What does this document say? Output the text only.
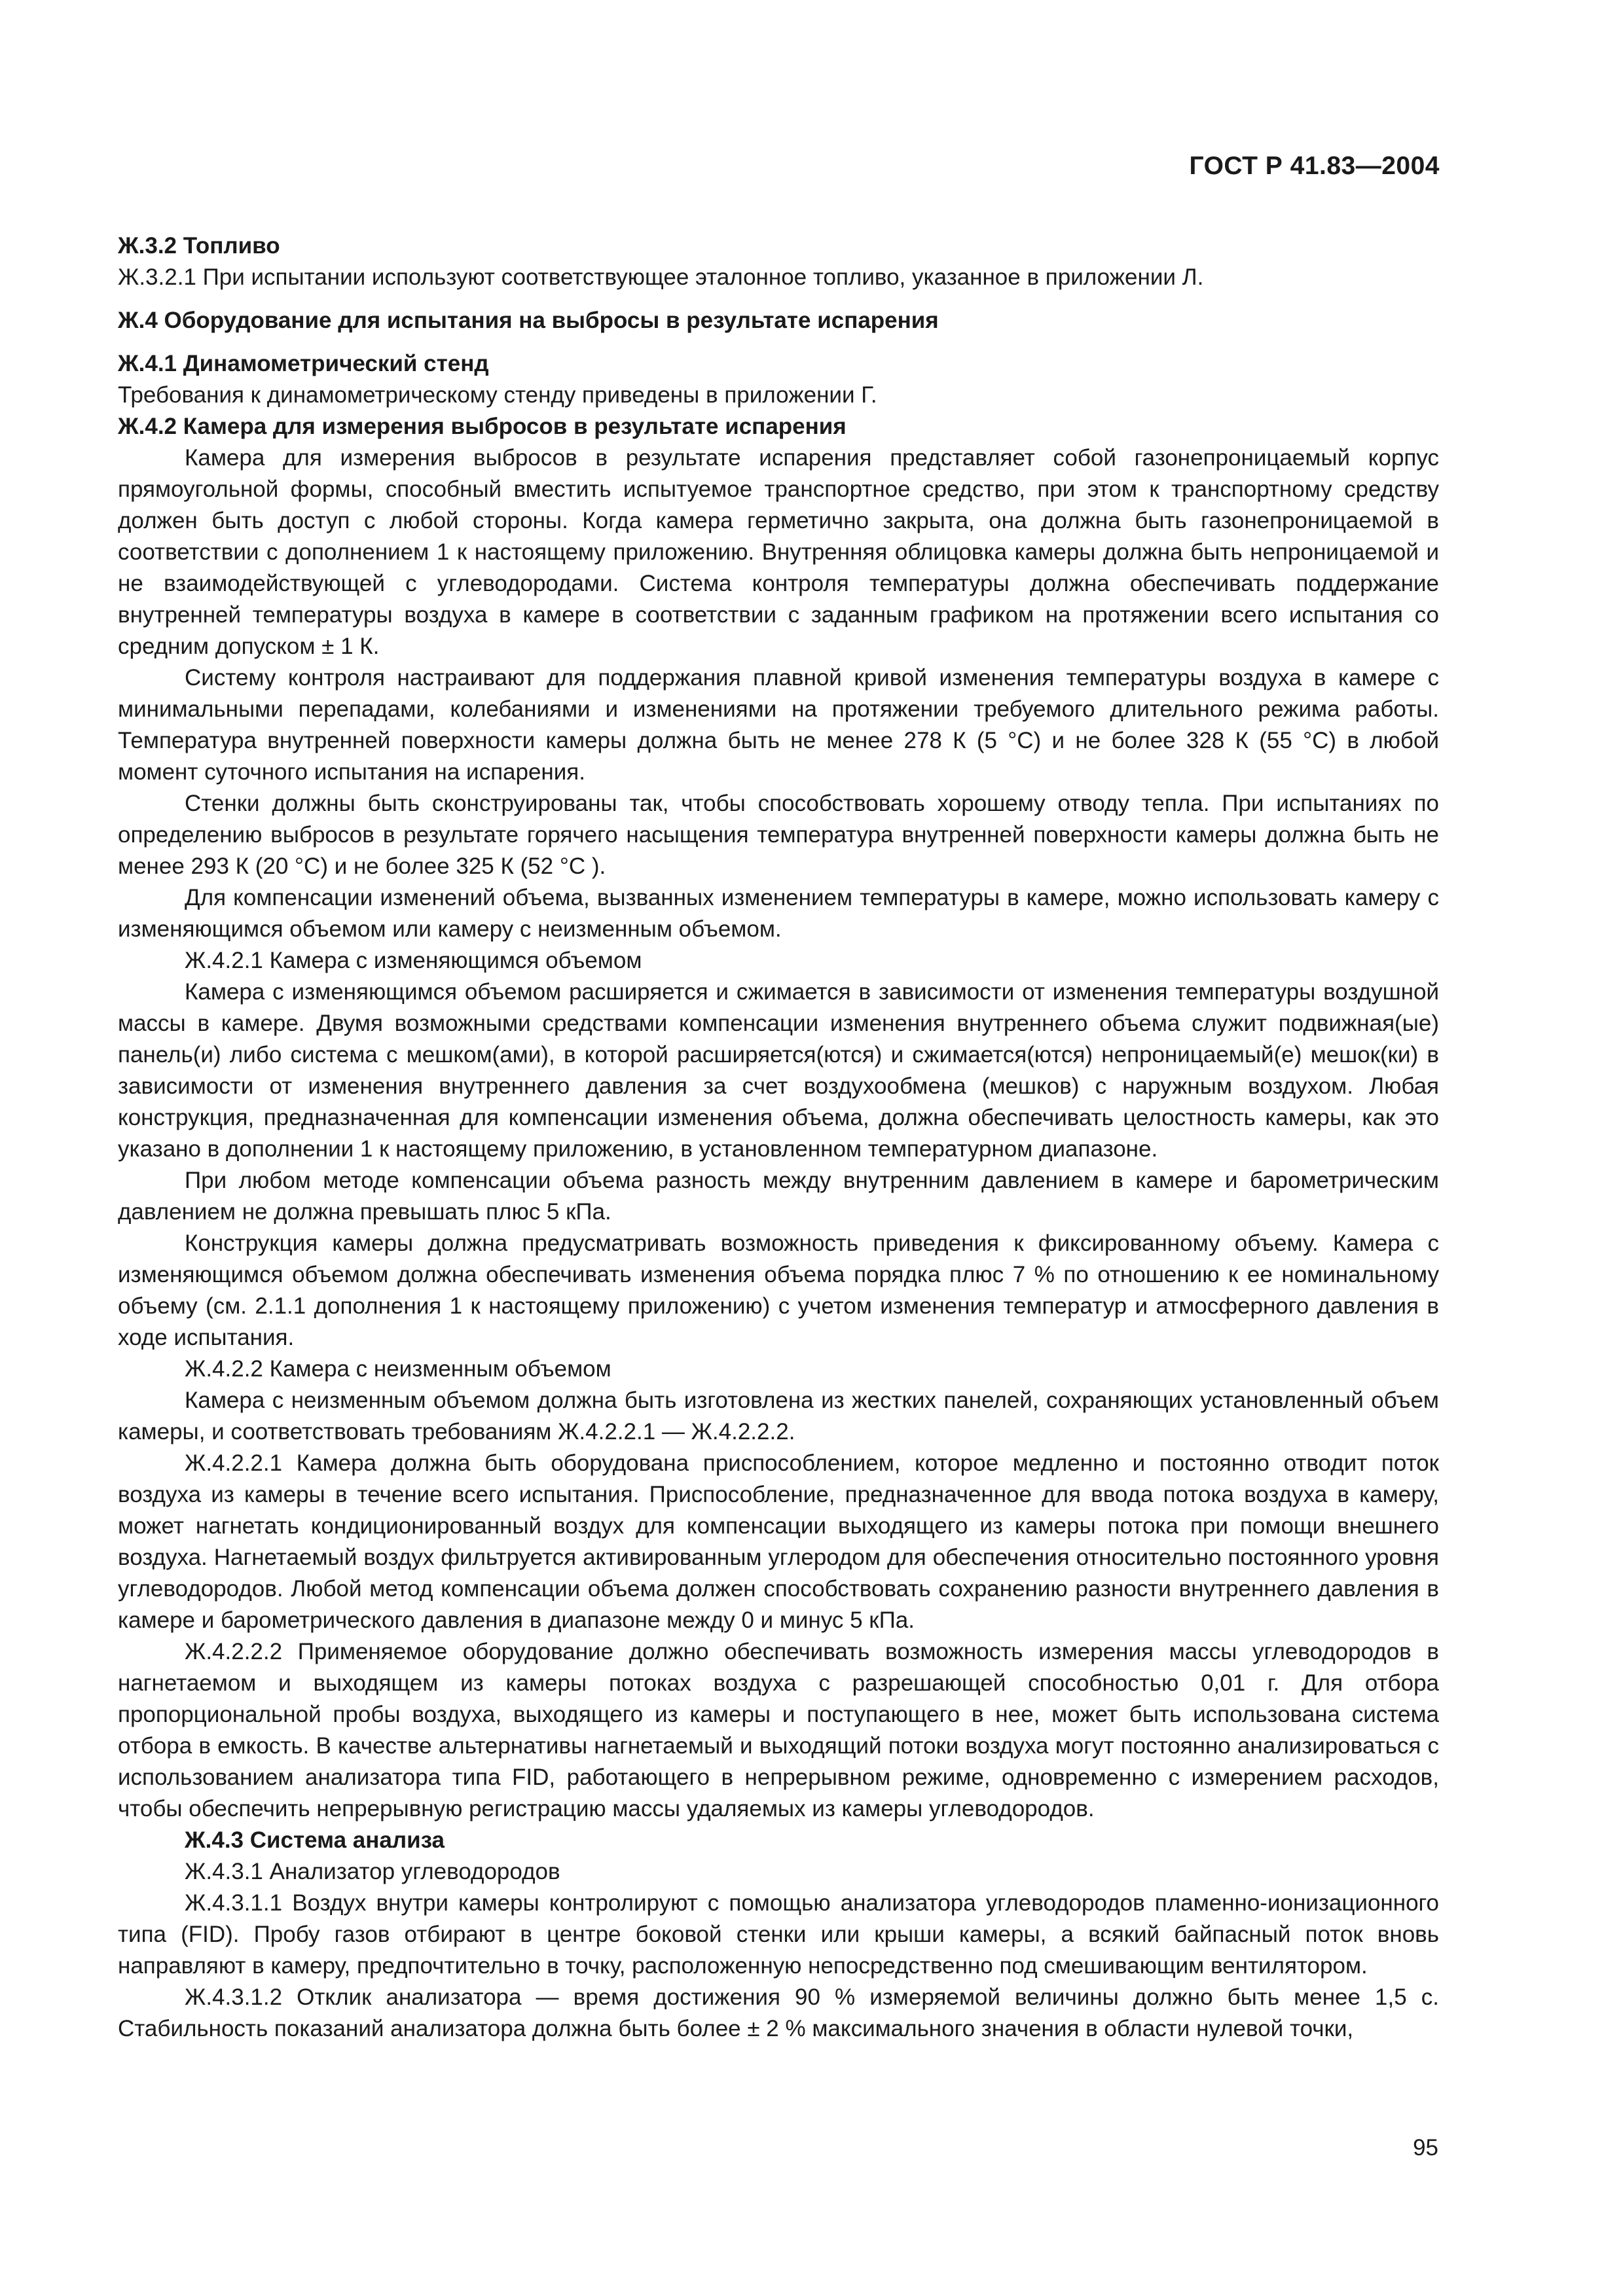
ГОСТ Р 41.83—2004

Ж.3.2 Топливо

Ж.3.2.1 При испытании используют соответствующее эталонное топливо, указанное в приложении Л.

Ж.4 Оборудование для испытания на выбросы в результате испарения

Ж.4.1 Динамометрический стенд

Требования к динамометрическому стенду приведены в приложении Г.

Ж.4.2 Камера для измерения выбросов в результате испарения

Камера для измерения выбросов в результате испарения представляет собой газонепроницаемый корпус прямоугольной формы, способный вместить испытуемое транспортное средство, при этом к транспортному средству должен быть доступ с любой стороны. Когда камера герметично закрыта, она должна быть газонепроницаемой в соответствии с дополнением 1 к настоящему приложению. Внутренняя облицовка камеры должна быть непроницаемой и не взаимодействующей с углеводородами. Система контроля температуры должна обеспечивать поддержание внутренней температуры воздуха в камере в соответствии с заданным графиком на протяжении всего испытания со средним допуском ± 1 К.

Систему контроля настраивают для поддержания плавной кривой изменения температуры воздуха в камере с минимальными перепадами, колебаниями и изменениями на протяжении требуемого длительного режима работы. Температура внутренней поверхности камеры должна быть не менее 278 К (5 °С) и не более 328 К (55 °С) в любой момент суточного испытания на испарения.

Стенки должны быть сконструированы так, чтобы способствовать хорошему отводу тепла. При испытаниях по определению выбросов в результате горячего насыщения температура внутренней поверхности камеры должна быть не менее 293 К (20 °С) и не более 325 К (52 °С ).

Для компенсации изменений объема, вызванных изменением температуры в камере, можно использовать камеру с изменяющимся объемом или камеру с неизменным объемом.

Ж.4.2.1 Камера с изменяющимся объемом

Камера с изменяющимся объемом расширяется и сжимается в зависимости от изменения температуры воздушной массы в камере. Двумя возможными средствами компенсации изменения внутреннего объема служит подвижная(ые) панель(и) либо система с мешком(ами), в которой расширяется(ются) и сжимается(ются) непроницаемый(е) мешок(ки) в зависимости от изменения внутреннего давления за счет воздухообмена (мешков) с наружным воздухом. Любая конструкция, предназначенная для компенсации изменения объема, должна обеспечивать целостность камеры, как это указано в дополнении 1 к настоящему приложению, в установленном температурном диапазоне.

При любом методе компенсации объема разность между внутренним давлением в камере и барометрическим давлением не должна превышать плюс 5 кПа.

Конструкция камеры должна предусматривать возможность приведения к фиксированному объему. Камера с изменяющимся объемом должна обеспечивать изменения объема порядка плюс 7 % по отношению к ее номинальному объему (см. 2.1.1 дополнения 1 к настоящему приложению) с учетом изменения температур и атмосферного давления в ходе испытания.

Ж.4.2.2 Камера с неизменным объемом

Камера с неизменным объемом должна быть изготовлена из жестких панелей, сохраняющих установленный объем камеры, и соответствовать требованиям Ж.4.2.2.1 — Ж.4.2.2.2.

Ж.4.2.2.1 Камера должна быть оборудована приспособлением, которое медленно и постоянно отводит поток воздуха из камеры в течение всего испытания. Приспособление, предназначенное для ввода потока воздуха в камеру, может нагнетать кондиционированный воздух для компенсации выходящего из камеры потока при помощи внешнего воздуха. Нагнетаемый воздух фильтруется активированным углеродом для обеспечения относительно постоянного уровня углеводородов. Любой метод компенсации объема должен способствовать сохранению разности внутреннего давления в камере и барометрического давления в диапазоне между 0 и минус 5 кПа.

Ж.4.2.2.2 Применяемое оборудование должно обеспечивать возможность измерения массы углеводородов в нагнетаемом и выходящем из камеры потоках воздуха с разрешающей способностью 0,01 г. Для отбора пропорциональной пробы воздуха, выходящего из камеры и поступающего в нее, может быть использована система отбора в емкость. В качестве альтернативы нагнетаемый и выходящий потоки воздуха могут постоянно анализироваться с использованием анализатора типа FID, работающего в непрерывном режиме, одновременно с измерением расходов, чтобы обеспечить непрерывную регистрацию массы удаляемых из камеры углеводородов.

Ж.4.3 Система анализа

Ж.4.3.1 Анализатор углеводородов

Ж.4.3.1.1 Воздух внутри камеры контролируют с помощью анализатора углеводородов пламенно-ионизационного типа (FID). Пробу газов отбирают в центре боковой стенки или крыши камеры, а всякий байпасный поток вновь направляют в камеру, предпочтительно в точку, расположенную непосредственно под смешивающим вентилятором.

Ж.4.3.1.2 Отклик анализатора — время достижения 90 % измеряемой величины должно быть менее 1,5 с. Стабильность показаний анализатора должна быть более ± 2 % максимального значения в области нулевой точки,

95
